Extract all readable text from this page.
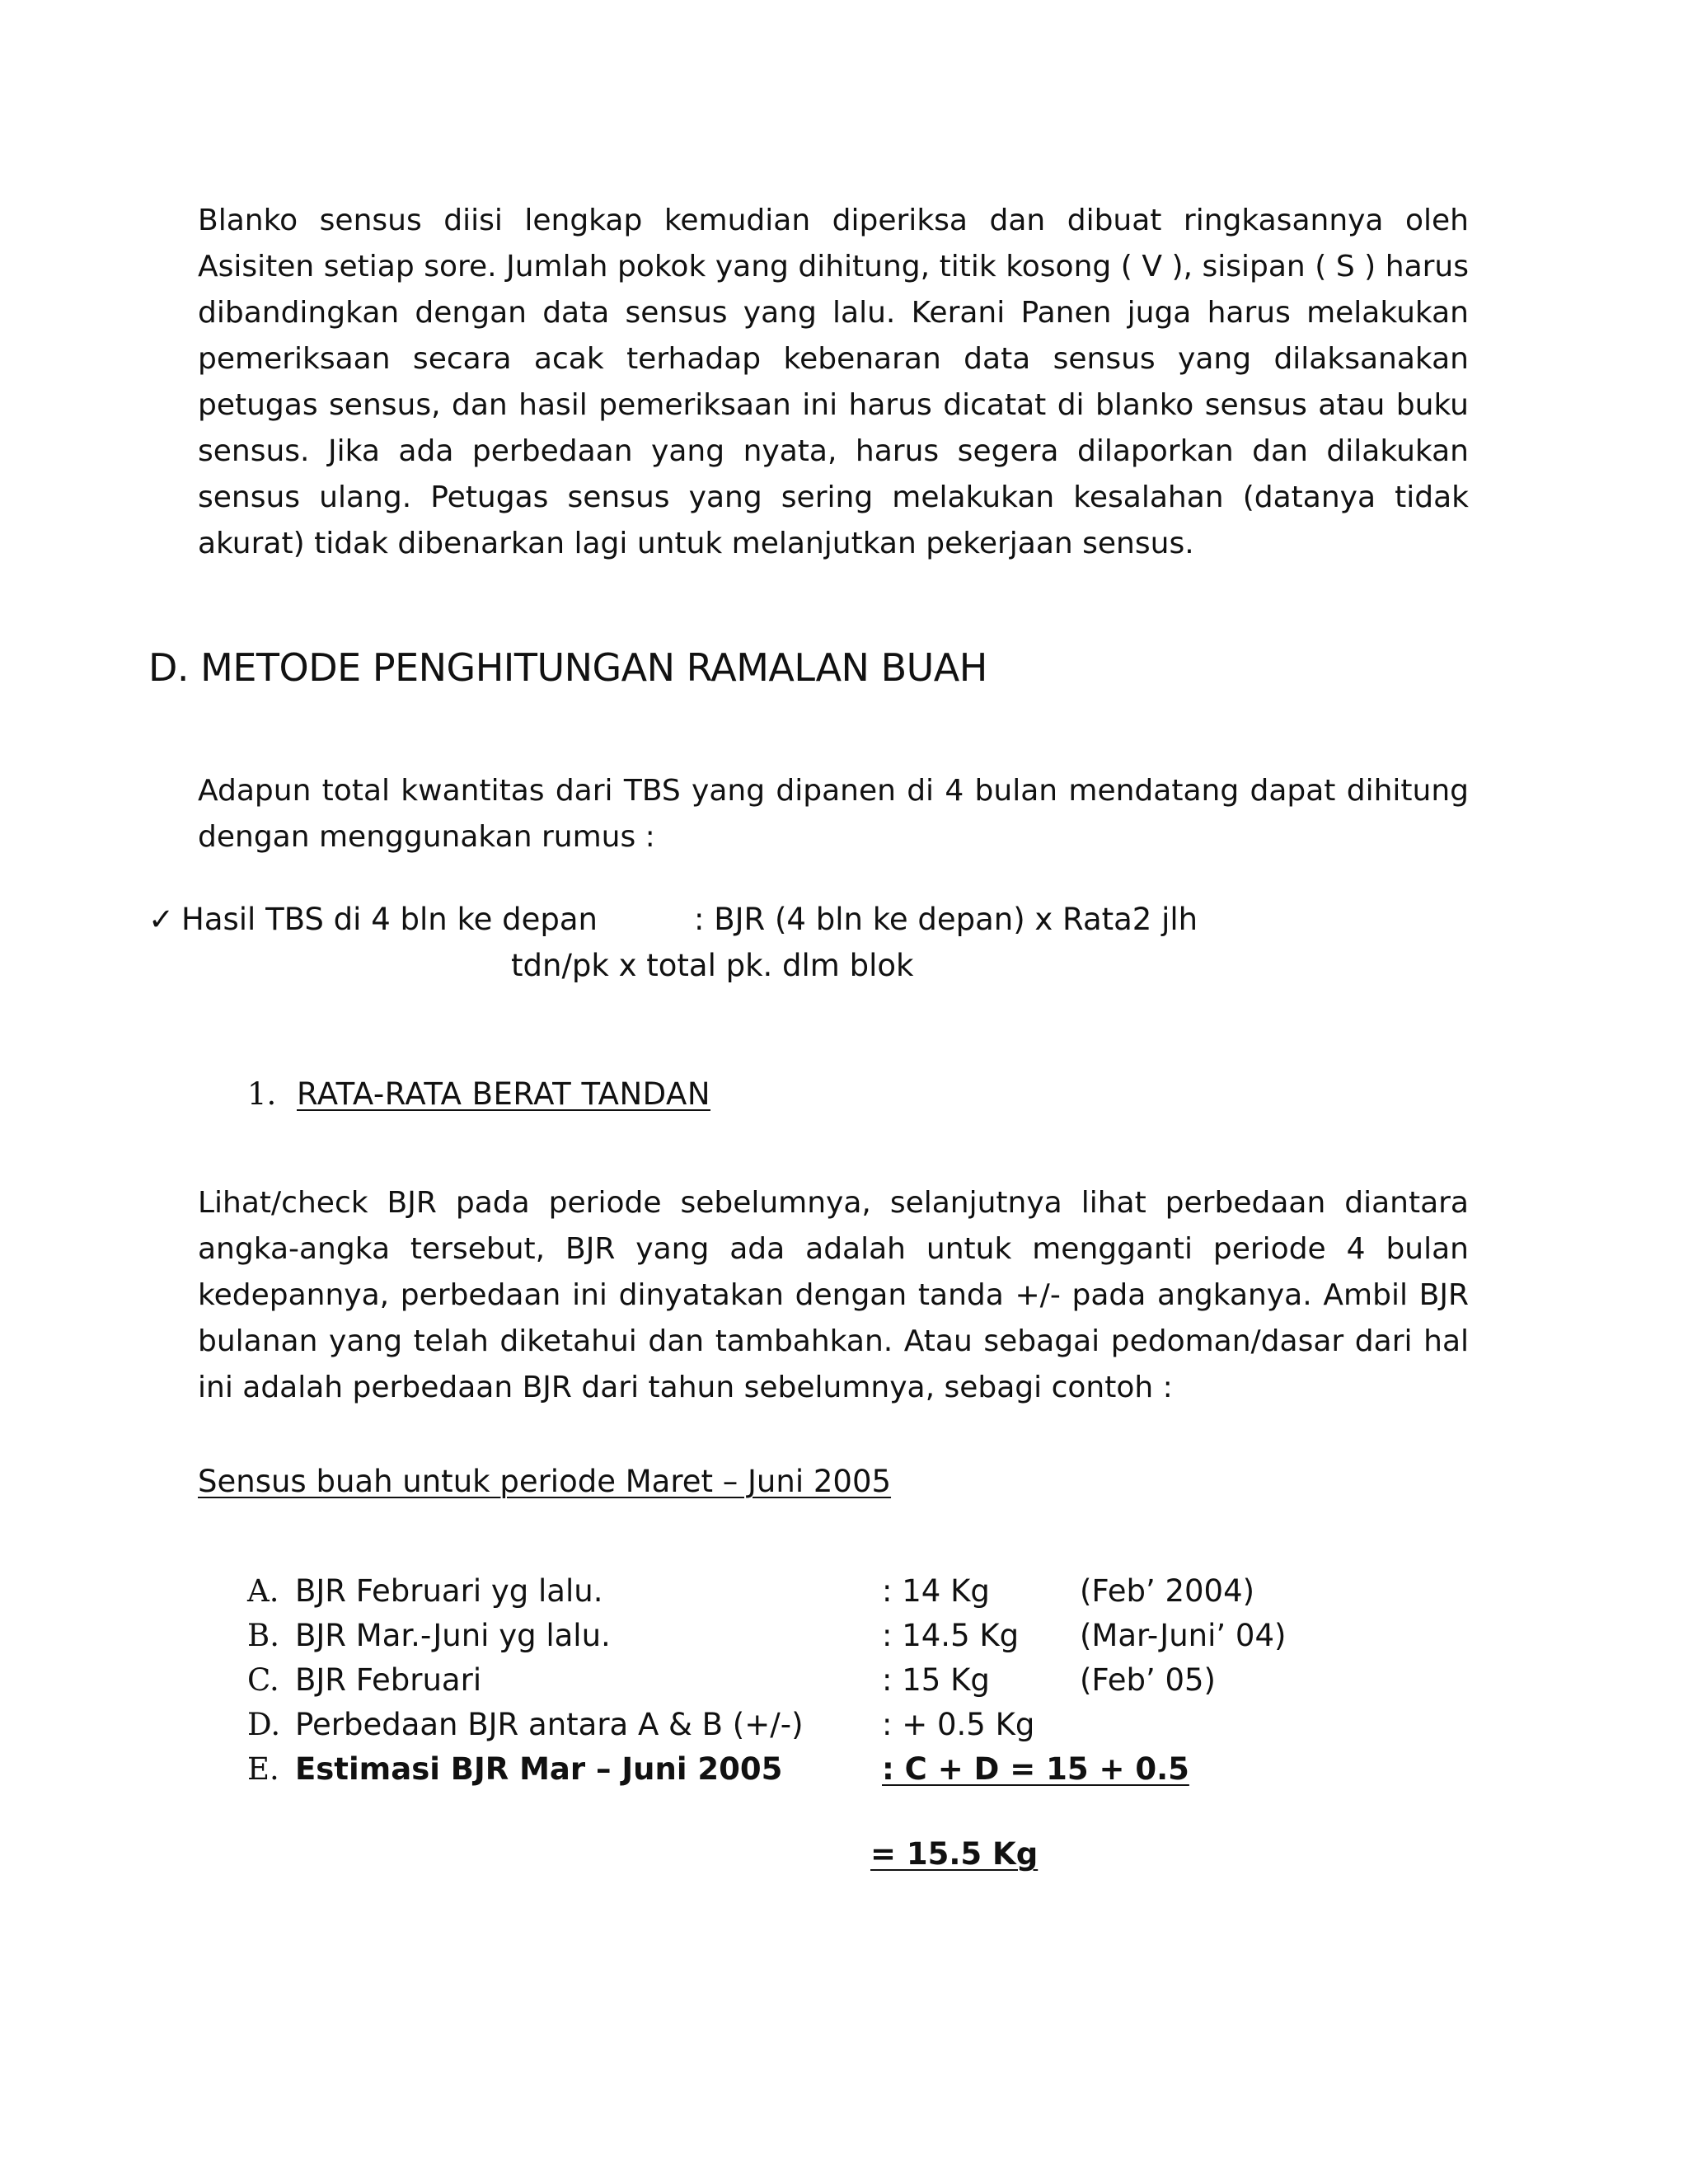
Blanko sensus diisi lengkap kemudian diperiksa dan dibuat ringkasannya oleh Asisiten setiap sore. Jumlah pokok yang dihitung, titik kosong ( V ), sisipan ( S ) harus dibandingkan dengan data sensus yang lalu. Kerani Panen juga harus melakukan pemeriksaan secara acak terhadap kebenaran data sensus yang dilaksanakan petugas sensus, dan hasil pemeriksaan ini harus dicatat di blanko sensus atau buku sensus. Jika ada perbedaan yang nyata, harus segera dilaporkan dan dilakukan sensus ulang. Petugas sensus yang sering melakukan kesalahan (datanya tidak akurat) tidak dibenarkan lagi untuk melanjutkan pekerjaan sensus.
D. METODE PENGHITUNGAN RAMALAN BUAH
Adapun total kwantitas dari TBS yang dipanen di 4 bulan mendatang dapat dihitung dengan menggunakan rumus :
✓ Hasil TBS di 4 bln ke depan	: BJR (4 bln ke depan) x Rata2 jlh
tdn/pk x total pk. dlm blok
1. RATA-RATA BERAT TANDAN
Lihat/check BJR pada periode sebelumnya, selanjutnya lihat perbedaan diantara angka-angka tersebut, BJR yang ada adalah untuk mengganti periode 4 bulan kedepannya, perbedaan ini dinyatakan dengan tanda +/- pada angkanya. Ambil BJR bulanan yang telah diketahui dan tambahkan. Atau sebagai pedoman/dasar dari hal ini adalah perbedaan BJR dari tahun sebelumnya, sebagi contoh :
Sensus buah untuk periode Maret – Juni 2005
A. BJR Februari yg lalu.	: 14 Kg	(Feb’ 2004)
B. BJR Mar.-Juni yg lalu.	: 14.5 Kg (Mar-Juni’ 04)
C. BJR Februari	: 15 Kg	(Feb’ 05)
D. Perbedaan BJR antara A & B (+/-)	: + 0.5 Kg
E. Estimasi BJR Mar – Juni 2005	: C + D = 15 + 0.5
= 15.5 Kg
